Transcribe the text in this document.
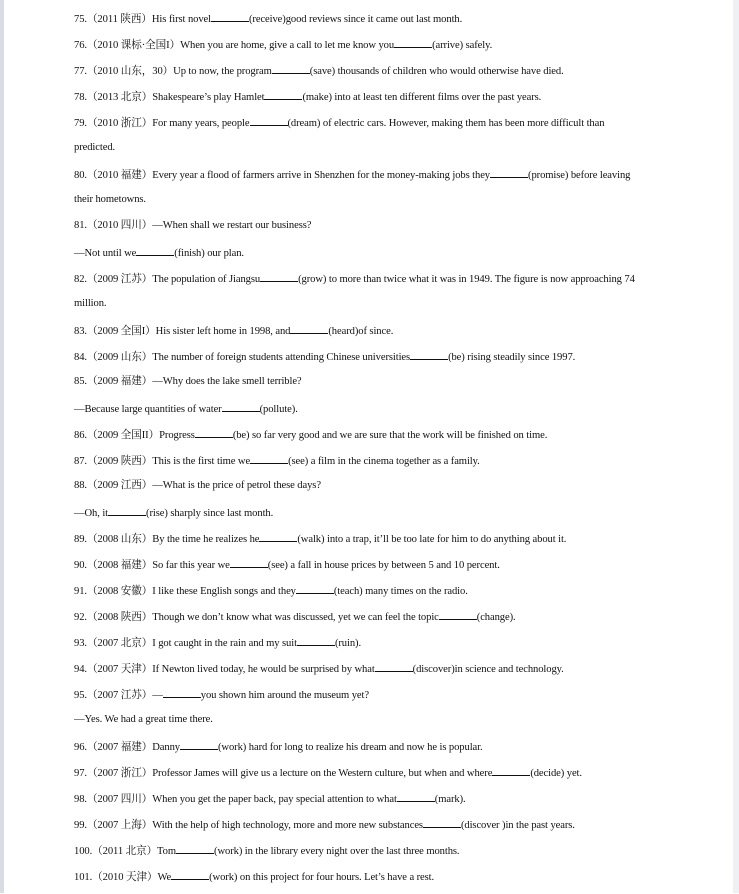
75.（2011 陕西）His first novel	(receive)good reviews since it came out last month.
76.（2010 课标·全国I）When you are home, give a call to let me know you	(arrive) safely.
77.（2010 山东，30）Up to now, the program	(save) thousands of children who would otherwise have died.
78.（2013 北京）Shakespeare’s play Hamlet	(make) into at least ten different films over the past years.
79.（2010 浙江）For many years, people	(dream) of electric cars. However, making them has been more difficult than
predicted.
80.（2010 福建）Every year a flood of farmers arrive in Shenzhen for the money-making jobs they	(promise) before leaving
their hometowns.
81.（2010 四川）—When shall we restart our business?
—Not until we	(finish) our plan.
82.（2009 江苏）The population of Jiangsu	(grow) to more than twice what it was in 1949. The figure is now approaching 74
million.
83.（2009 全国I）His sister left home in 1998, and	(heard)of since.
84.（2009 山东）The number of foreign students attending Chinese universities	(be) rising steadily since 1997.
85.（2009 福建）—Why does the lake smell terrible?
—Because large quantities of water	(pollute).
86.（2009 全国II）Progress	(be) so far very good and we are sure that the work will be finished on time.
87.（2009 陕西）This is the first time we	(see) a film in the cinema together as a family.
88.（2009 江西）—What is the price of petrol these days?
—Oh, it	(rise) sharply since last month.
89.（2008 山东）By the time he realizes he	(walk) into a trap, it’ll be too late for him to do anything about it.
90.（2008 福建）So far this year we	(see) a fall in house prices by between 5 and 10 percent.
91.（2008 安徽）I like these English songs and they	(teach) many times on the radio.
92.（2008 陕西）Though we don’t know what was discussed, yet we can feel the topic	(change).
93.（2007 北京）I got caught in the rain and my suit	(ruin).
94.（2007 天津）If Newton lived today, he would be surprised by what	(discover)in science and technology.
95.（2007 江苏）—	you shown him around the museum yet?
—Yes. We had a great time there.
96.（2007 福建）Danny	(work) hard for long to realize his dream and now he is popular.
97.（2007 浙江）Professor James will give us a lecture on the Western culture, but when and where	(decide) yet.
98.（2007 四川）When you get the paper back, pay special attention to what	(mark).
99.（2007 上海）With the help of high technology, more and more new substances	(discover )in the past years.
100.（2011 北京）Tom	(work) in the library every night over the last three months.
101.（2010 天津）We	(work) on this project for four hours. Let’s have a rest.
